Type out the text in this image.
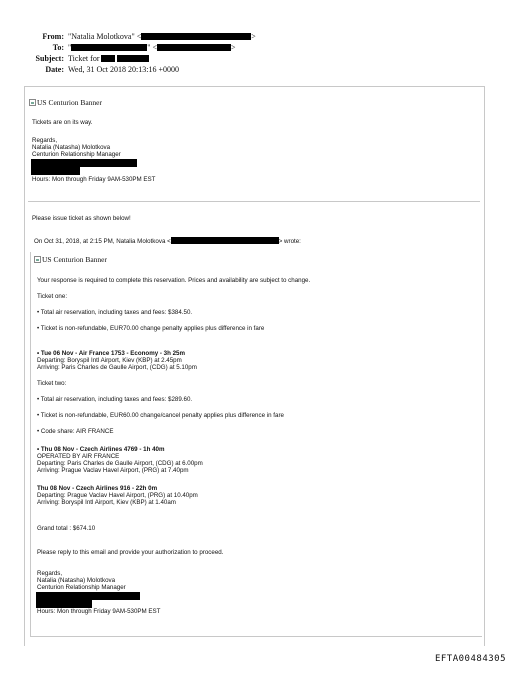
From: "Natalia Molotkova" <	>
To: "	" <	>
Subject: Ticket for
Date: Wed, 31 Oct 2018 20:13:16 +0000
US Centurion Banner
Tickets are on its way.
Regards,
Natalia (Natasha) Molotkova
Centurion Relationship Manager
Hours: Mon through Friday 9AM-530PM EST
Please issue ticket as shown below!
On Oct 31, 2018, at 2:15 PM, Natalia Molotkova <	> wrote:
US Centurion Banner
Your response is required to complete this reservation. Prices and availability are subject to change.
Ticket one:
• Total air reservation, including taxes and fees: $384.50.
• Ticket is non-refundable, EUR70.00 change penalty applies plus difference in fare
• Tue 06 Nov - Air France 1753 - Economy - 3h 25m
Departing: Boryspil Intl Airport, Kiev (KBP) at 2.45pm
Arriving: Paris Charles de Gaulle Airport, (CDG) at 5.10pm
Ticket two:
• Total air reservation, including taxes and fees: $289.60.
• Ticket is non-refundable, EUR60.00 change/cancel penalty applies plus difference in fare
• Code share: AIR FRANCE
• Thu 08 Nov - Czech Airlines 4769 - 1h 40m
OPERATED BY AIR FRANCE
Departing: Paris Charles de Gaulle Airport, (CDG) at 6.00pm
Arriving: Prague Vaclav Havel Airport, (PRG) at 7.40pm
Thu 08 Nov - Czech Airlines 916 - 22h 0m
Departing: Prague Vaclav Havel Airport, (PRG) at 10.40pm
Arriving: Boryspil Intl Airport, Kiev (KBP) at 1.40am
Grand total : $674.10
Please reply to this email and provide your authorization to proceed.
Regards,
Natalia (Natasha) Molotkova
Centurion Relationship Manager
Hours: Mon through Friday 9AM-530PM EST
EFTA00484305
